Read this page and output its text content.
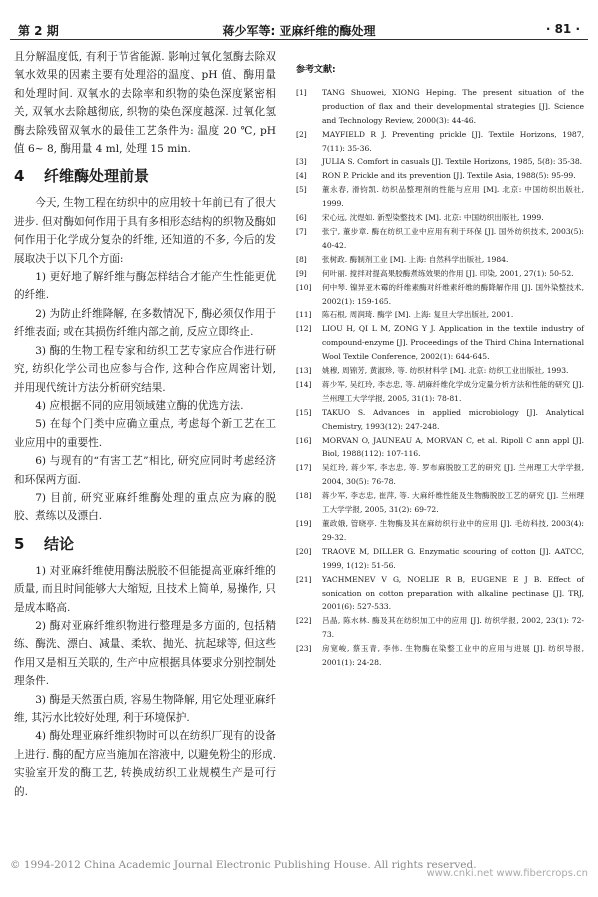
第 2 期	蒋少军等: 亚麻纤维的酶处理	· 81 ·

且分解温度低, 有利于节省能源. 影响过氧化氢酶去除双氧水效果的因素主要有处理浴的温度、pH 值、酶用量和处理时间. 双氧水的去除率和织物的染色深度紧密相关, 双氧水去除越彻底, 织物的染色深度越深. 过氧化氢酶去除残留双氧水的最佳工艺条件为: 温度 20 ℃, pH 值 6~ 8, 酶用量 4 ml, 处理 15 min.

4 纤维酶处理前景

今天, 生物工程在纺织中的应用较十年前已有了很大进步. 但对酶如何作用于具有多相形态结构的织物及酶如何作用于化学成分复杂的纤维, 还知道的不多, 今后的发展取决于以下几个方面:

1) 更好地了解纤维与酶怎样结合才能产生性能更优的纤维.

2) 为防止纤维降解, 在多数情况下, 酶必须仅作用于纤维表面; 或在其损伤纤维内部之前, 反应立即终止.

3) 酶的生物工程专家和纺织工艺专家应合作进行研究, 纺织化学公司也应参与合作, 这种合作应周密计划, 并用现代统计方法分析研究结果.

4) 应根据不同的应用领域建立酶的优选方法.

5) 在每个门类中应确立重点, 考虑每个新工艺在工业应用中的重要性.

6) 与现有的“有害工艺”相比, 研究应同时考虑经济和环保两方面.

7) 目前, 研究亚麻纤维酶处理的重点应为麻的脱胶、煮练以及漂白.

5 结论

1) 对亚麻纤维使用酶法脱胶不但能提高亚麻纤维的质量, 而且时间能够大大缩短, 且技术上简单, 易操作, 只是成本略高.

2) 酶对亚麻纤维织物进行整理是多方面的, 包括精练、酶洗、漂白、减量、柔软、抛光、抗起球等, 但这些作用又是相互关联的, 生产中应根据具体要求分别控制处理条件.

3) 酶是天然蛋白质, 容易生物降解, 用它处理亚麻纤维, 其污水比较好处理, 利于环境保护.

4) 酶处理亚麻纤维织物时可以在纺织厂现有的设备上进行. 酶的配方应当施加在溶液中, 以避免粉尘的形成. 实验室开发的酶工艺, 转换成纺织工业规模生产是可行的.

参考文献:
[1]	TANG Shuowei, XIONG Heping. The present situation of the production of flax and their developmental strategies [J]. Science and Technology Review, 2000(3): 44-46.
[2]	MAYFIELD R J. Preventing prickle [J]. Textile Horizons, 1987, 7(11): 35-36.
[3]	JULIA S. Comfort in casuals [J]. Textile Horizons, 1985, 5(8): 35-38.
[4]	RON P. Prickle and its prevention [J]. Textile Asia, 1988(5): 95-99.
[5]	董永春, 滑钧凯. 纺织品整理剂的性能与应用 [M]. 北京: 中国纺织出版社, 1999.
[6]	宋心远, 沈煜如. 新型染整技术 [M]. 北京: 中国纺织出版社, 1999.
[7]	张宁, 董步章. 酶在纺织工业中应用有利于环保 [J]. 国外纺织技术, 2003(5): 40-42.
[8]	张树政. 酶制剂工业 [M]. 上海: 自然科学出版社, 1984.
[9]	何叶丽. 搅拌对提高果胶酶煮练效果的作用 [J]. 印染, 2001, 27(1): 50-52.
[10]	何中琴. 镍异亚木霉的纤维素酶对纤维素纤维的酶降解作用 [J]. 国外染整技术, 2002(1): 159-165.
[11]	陈石根, 周润琦. 酶学 [M]. 上海: 复旦大学出版社, 2001.
[12]	LIOU H, QI L M, ZONG Y J. Application in the textile industry of compound-enzyme [J]. Proceedings of the Third China International Wool Textile Conference, 2002(1): 644-645.
[13]	姚穆, 周锦芳, 黄淑珍, 等. 纺织材料学 [M]. 北京: 纺织工业出版社, 1993.
[14]	蒋少军, 吴红玲, 李志忠, 等. 胡麻纤维化学成分定量分析方法和性能的研究 [J]. 兰州理工大学学报, 2005, 31(1): 78-81.
[15]	TAKUO S. Advances in applied microbiology [J]. Analytical Chemistry, 1993(12): 247-248.
[16]	MORVAN O, JAUNEAU A, MORVAN C, et al. Ripoll C ann appl [J]. Biol, 1988(112): 107-116.
[17]	吴红玲, 蒋少军, 李志忠, 等. 罗布麻脱胶工艺的研究 [J]. 兰州理工大学学报, 2004, 30(5): 76-78.
[18]	蒋少军, 李志忠, 崔萍, 等. 大麻纤维性能及生物酶脱胶工艺的研究 [J]. 兰州理工大学学报, 2005, 31(2): 69-72.
[19]	董政娥, 管晓亭. 生物酶及其在麻纺织行业中的应用 [J]. 毛纺科技, 2003(4): 29-32.
[20]	TRAOVE M, DILLER G. Enzymatic scouring of cotton [J]. AATCC, 1999, 1(12): 51-56.
[21]	YACHMENEV V G, NOELIE R B, EUGENE E J B. Effect of sonication on cotton preparation with alkaline pectinase [J]. TRJ, 2001(6): 527-533.
[22]	吕晶, 陈水林. 酶及其在纺织加工中的应用 [J]. 纺织学报, 2002, 23(1): 72-73.
[23]	房宽峻, 蔡玉青, 李伟. 生物酶在染整工业中的应用与进展 [J]. 纺织导报, 2001(1): 24-28.
© 1994-2012 China Academic Journal Electronic Publishing House. All rights reserved.
www.cnki.net www.fibercrops.cn
